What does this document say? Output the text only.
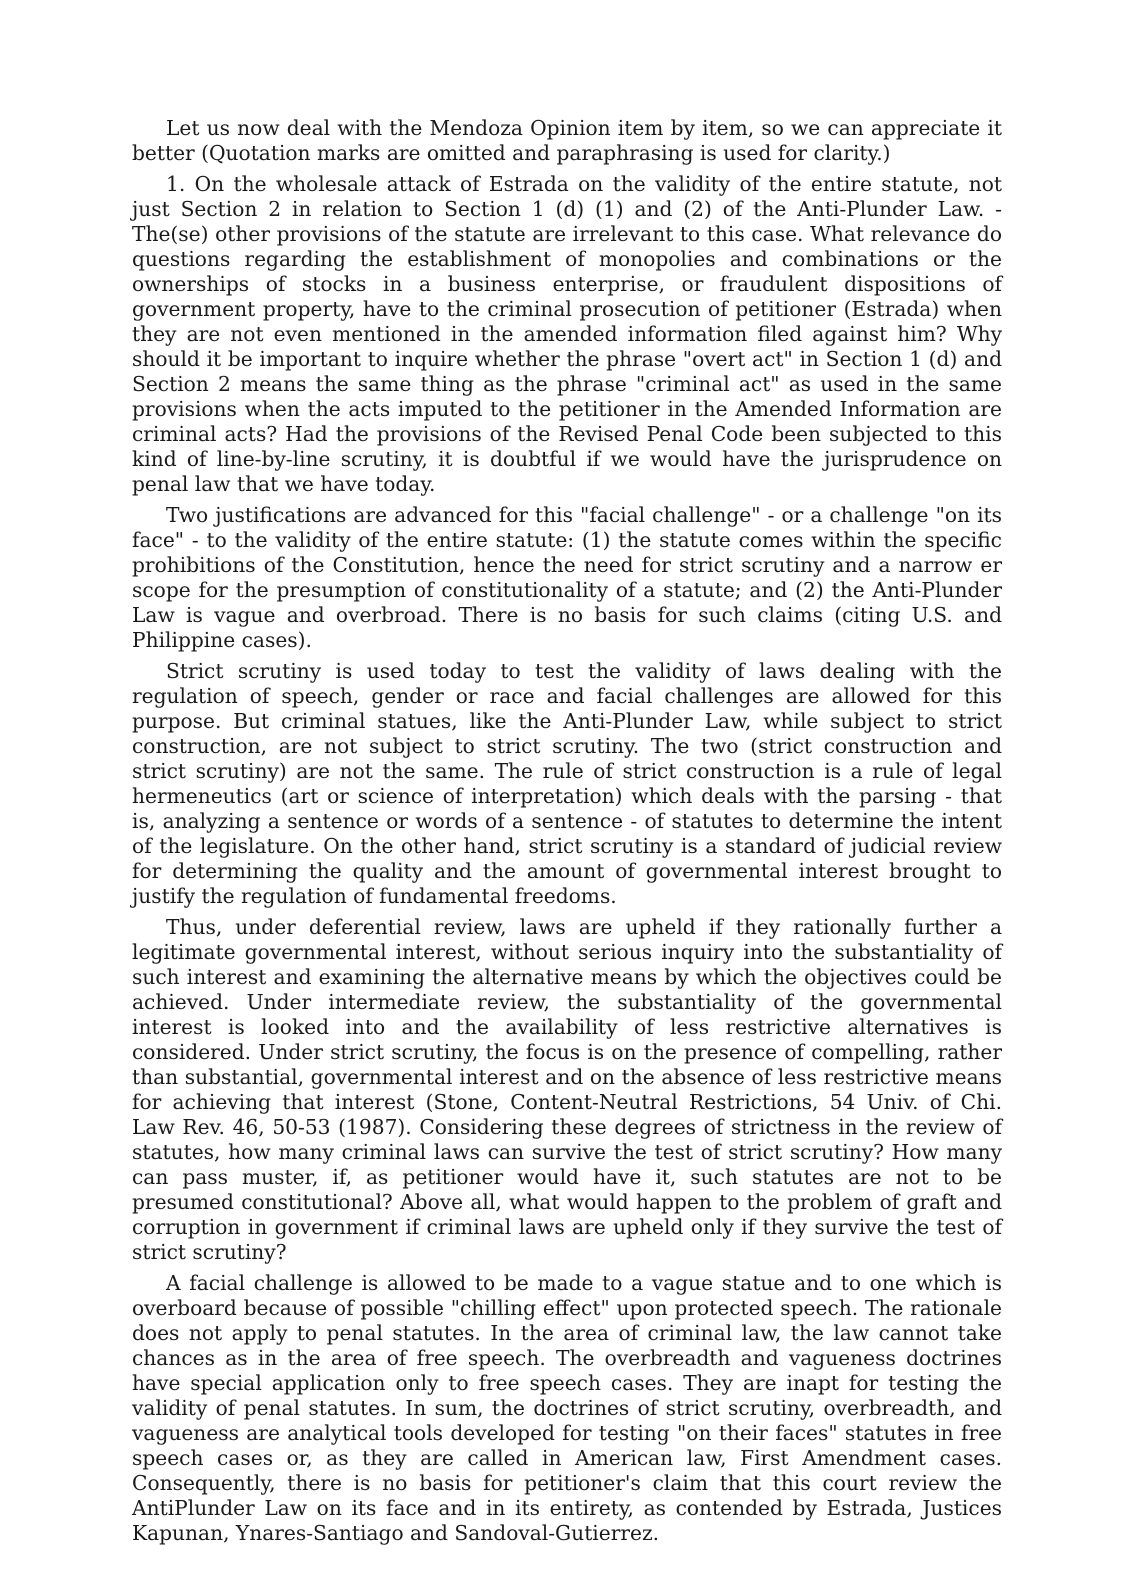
Let us now deal with the Mendoza Opinion item by item, so we can appreciate it better (Quotation marks are omitted and paraphrasing is used for clarity.)

1. On the wholesale attack of Estrada on the validity of the entire statute, not just Section 2 in relation to Section 1 (d) (1) and (2) of the Anti-Plunder Law. - The(se) other provisions of the statute are irrelevant to this case. What relevance do questions regarding the establishment of monopolies and combinations or the ownerships of stocks in a business enterprise, or fraudulent dispositions of government property, have to the criminal prosecution of petitioner (Estrada) when they are not even mentioned in the amended information filed against him? Why should it be important to inquire whether the phrase "overt act" in Section 1 (d) and Section 2 means the same thing as the phrase "criminal act" as used in the same provisions when the acts imputed to the petitioner in the Amended Information are criminal acts? Had the provisions of the Revised Penal Code been subjected to this kind of line-by-line scrutiny, it is doubtful if we would have the jurisprudence on penal law that we have today.

Two justifications are advanced for this "facial challenge" - or a challenge "on its face" - to the validity of the entire statute: (1) the statute comes within the specific prohibitions of the Constitution, hence the need for strict scrutiny and a narrow er scope for the presumption of constitutionality of a statute; and (2) the Anti-Plunder Law is vague and overbroad. There is no basis for such claims (citing U.S. and Philippine cases).

Strict scrutiny is used today to test the validity of laws dealing with the regulation of speech, gender or race and facial challenges are allowed for this purpose. But criminal statues, like the Anti-Plunder Law, while subject to strict construction, are not subject to strict scrutiny. The two (strict construction and strict scrutiny) are not the same. The rule of strict construction is a rule of legal hermeneutics (art or science of interpretation) which deals with the parsing - that is, analyzing a sentence or words of a sentence - of statutes to determine the intent of the legislature. On the other hand, strict scrutiny is a standard of judicial review for determining the quality and the amount of governmental interest brought to justify the regulation of fundamental freedoms.

Thus, under deferential review, laws are upheld if they rationally further a legitimate governmental interest, without serious inquiry into the substantiality of such interest and examining the alternative means by which the objectives could be achieved. Under intermediate review, the substantiality of the governmental interest is looked into and the availability of less restrictive alternatives is considered. Under strict scrutiny, the focus is on the presence of compelling, rather than substantial, governmental interest and on the absence of less restrictive means for achieving that interest (Stone, Content-Neutral Restrictions, 54 Univ. of Chi. Law Rev. 46, 50-53 (1987). Considering these degrees of strictness in the review of statutes, how many criminal laws can survive the test of strict scrutiny? How many can pass muster, if, as petitioner would have it, such statutes are not to be presumed constitutional? Above all, what would happen to the problem of graft and corruption in government if criminal laws are upheld only if they survive the test of strict scrutiny?

A facial challenge is allowed to be made to a vague statue and to one which is overboard because of possible "chilling effect" upon protected speech. The rationale does not apply to penal statutes. In the area of criminal law, the law cannot take chances as in the area of free speech. The overbreadth and vagueness doctrines have special application only to free speech cases. They are inapt for testing the validity of penal statutes. In sum, the doctrines of strict scrutiny, overbreadth, and vagueness are analytical tools developed for testing "on their faces" statutes in free speech cases or, as they are called in American law, First Amendment cases. Consequently, there is no basis for petitioner's claim that this court review the AntiPlunder Law on its face and in its entirety, as contended by Estrada, Justices Kapunan, Ynares-Santiago and Sandoval-Gutierrez.
